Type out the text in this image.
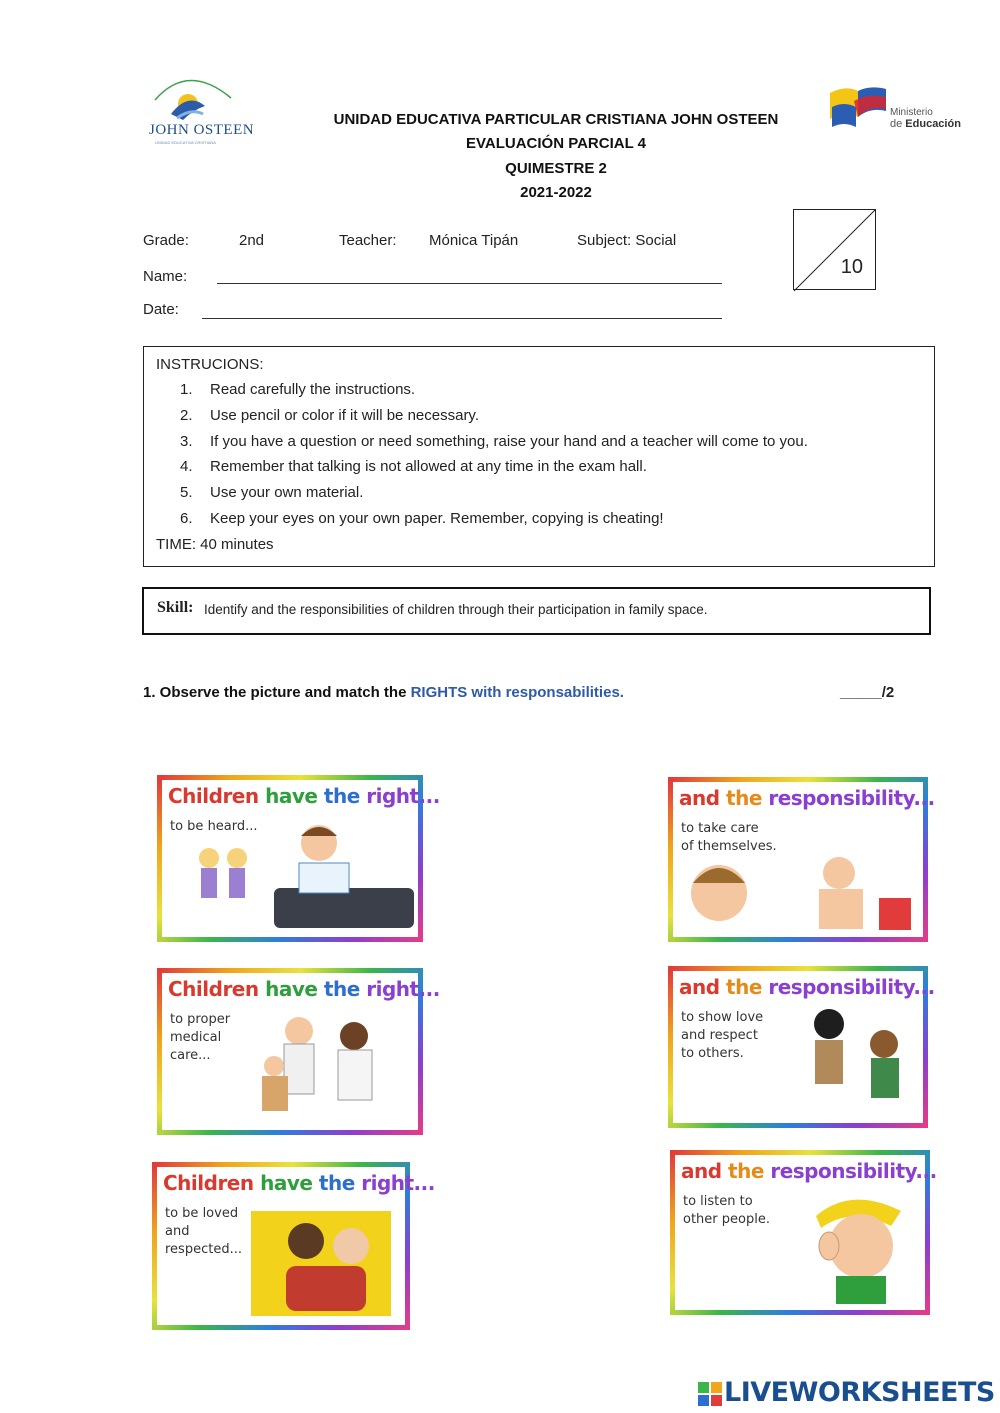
JOHN OSTEEN
UNIDAD EDUCATIVA CRISTIANA
Ministerio
de Educación
UNIDAD EDUCATIVA PARTICULAR CRISTIANA JOHN OSTEEN
EVALUACIÓN PARCIAL 4
QUIMESTRE 2
2021-2022
Grade:	2nd	Teacher: Mónica Tipán	Subject: Social
Name:
Date:
10
INSTRUCIONS:
1. Read carefully the instructions.
2. Use pencil or color if it will be necessary.
3. If you have a question or need something, raise your hand and a teacher will come to you.
4. Remember that talking is not allowed at any time in the exam hall.
5. Use your own material.
6. Keep your eyes on your own paper. Remember, copying is cheating!
TIME: 40 minutes
Skill: Identify and the responsibilities of children through their participation in family space.
1. Observe the picture and match the RIGHTS with responsabilities.	_____/2
Children have the right...
to be heard...
Children have the right...
to proper
medical
care...
Children have the right...
to be loved
and
respected...
and the responsibility...
to take care
of themselves.
and the responsibility...
to show love
and respect
to others.
and the responsibility...
to listen to
other people.
LIVEWORKSHEETS
